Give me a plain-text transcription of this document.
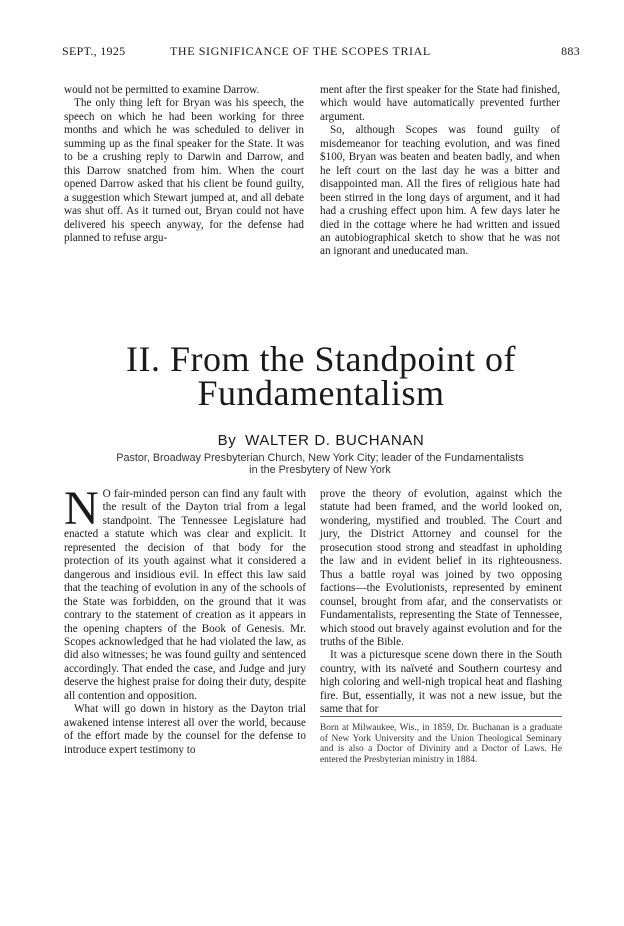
SEPT., 1925	THE SIGNIFICANCE OF THE SCOPES TRIAL	883

would not be permitted to examine Darrow.

The only thing left for Bryan was his speech, the speech on which he had been working for three months and which he was scheduled to deliver in summing up as the final speaker for the State. It was to be a crushing reply to Darwin and Darrow, and this Darrow snatched from him. When the court opened Darrow asked that his client be found guilty, a suggestion which Stewart jumped at, and all debate was shut off. As it turned out, Bryan could not have delivered his speech anyway, for the defense had planned to refuse argu-

ment after the first speaker for the State had finished, which would have automatically prevented further argument.

So, although Scopes was found guilty of misdemeanor for teaching evolution, and was fined $100, Bryan was beaten and beaten badly, and when he left court on the last day he was a bitter and disappointed man. All the fires of religious hate had been stirred in the long days of argument, and it had had a crushing effect upon him. A few days later he died in the cottage where he had written and issued an autobiographical sketch to show that he was not an ignorant and uneducated man.

II. From the Standpoint of
Fundamentalism
By WALTER D. BUCHANAN
Pastor, Broadway Presbyterian Church, New York City; leader of the Fundamentalists
in the Presbytery of New York

N O fair-minded person can find any fault with the result of the Dayton trial from a legal standpoint. The Tennessee Legislature had enacted a statute which was clear and explicit. It represented the decision of that body for the protection of its youth against what it considered a dangerous and insidious evil. In effect this law said that the teaching of evolution in any of the schools of the State was forbidden, on the ground that it was contrary to the statement of creation as it appears in the opening chapters of the Book of Genesis. Mr. Scopes acknowledged that he had violated the law, as did also witnesses; he was found guilty and sentenced accordingly. That ended the case, and Judge and jury deserve the highest praise for doing their duty, despite all contention and opposition.

What will go down in history as the Dayton trial awakened intense interest all over the world, because of the effort made by the counsel for the defense to introduce expert testimony to

prove the theory of evolution, against which the statute had been framed, and the world looked on, wondering, mystified and troubled. The Court and jury, the District Attorney and counsel for the prosecution stood strong and steadfast in upholding the law and in evident belief in its righteousness. Thus a battle royal was joined by two opposing factions—the Evolutionists, represented by eminent counsel, brought from afar, and the conservatists or Fundamentalists, representing the State of Tennessee, which stood out bravely against evolution and for the truths of the Bible.

It was a picturesque scene down there in the South country, with its naïveté and Southern courtesy and high coloring and well-nigh tropical heat and flashing fire. But, essentially, it was not a new issue, but the same that for

Born at Milwaukee, Wis., in 1859, Dr. Buchanan is a graduate of New York University and the Union Theological Seminary and is also a Doctor of Divinity and a Doctor of Laws. He entered the Presbyterian ministry in 1884.
